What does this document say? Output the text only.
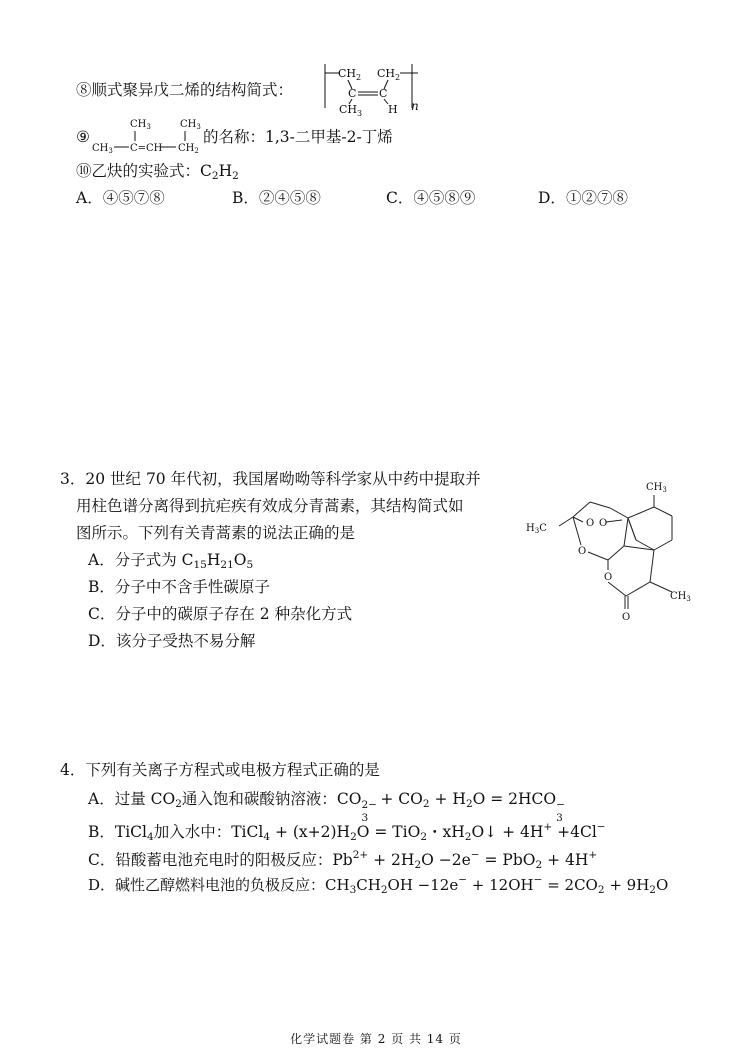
⑧顺式聚异戊二烯的结构简式：
$CH_2$ $CH_2$
C C
$CH_3$ H n
⑨
$CH_3$	$CH_3$
$CH_3$ C=CH $CH_2$
的名称：1,3-二甲基-2-丁烯
⑩乙炔的实验式：$C_2H_2$
A．④⑤⑦⑧	B．②④⑤⑧	C．④⑤⑧⑨	D．①②⑦⑧
3．20 世纪 70 年代初，我国屠呦呦等科学家从中药中提取并
用柱色谱分离得到抗疟疾有效成分青蒿素，其结构简式如
图所示。下列有关青蒿素的说法正确的是
A．分子式为 $C_{15}H_{21}O_5$
B．分子中不含手性碳原子
C．分子中的碳原子存在 2 种杂化方式
D．该分子受热不易分解
$CH_3$
$H_3C$	O O
O
O
O
$CH_3$
4．下列有关离子方程式或电极方程式正确的是
A．过量 $CO_2$通入饱和碳酸钠溶液：CO 2−
3
+ $CO_2 + H_2O = 2HCO$ −
3
B．TiCl$_4$加入水中：TiCl$_4$ + $(x+2)H_2O = TiO_2$・$xH_2O↓ + 4H^+ +4Cl^-$
C．铅酸蓄电池充电时的阳极反应：$Pb^{2+} + 2H_2O -2e^- = PbO_2 + 4H^+$
D．碱性乙醇燃料电池的负极反应：$CH_3CH_2OH -12e^- + 12OH^- = 2CO_2 + 9H_2O$
化学试题卷 第 2 页 共 14 页
